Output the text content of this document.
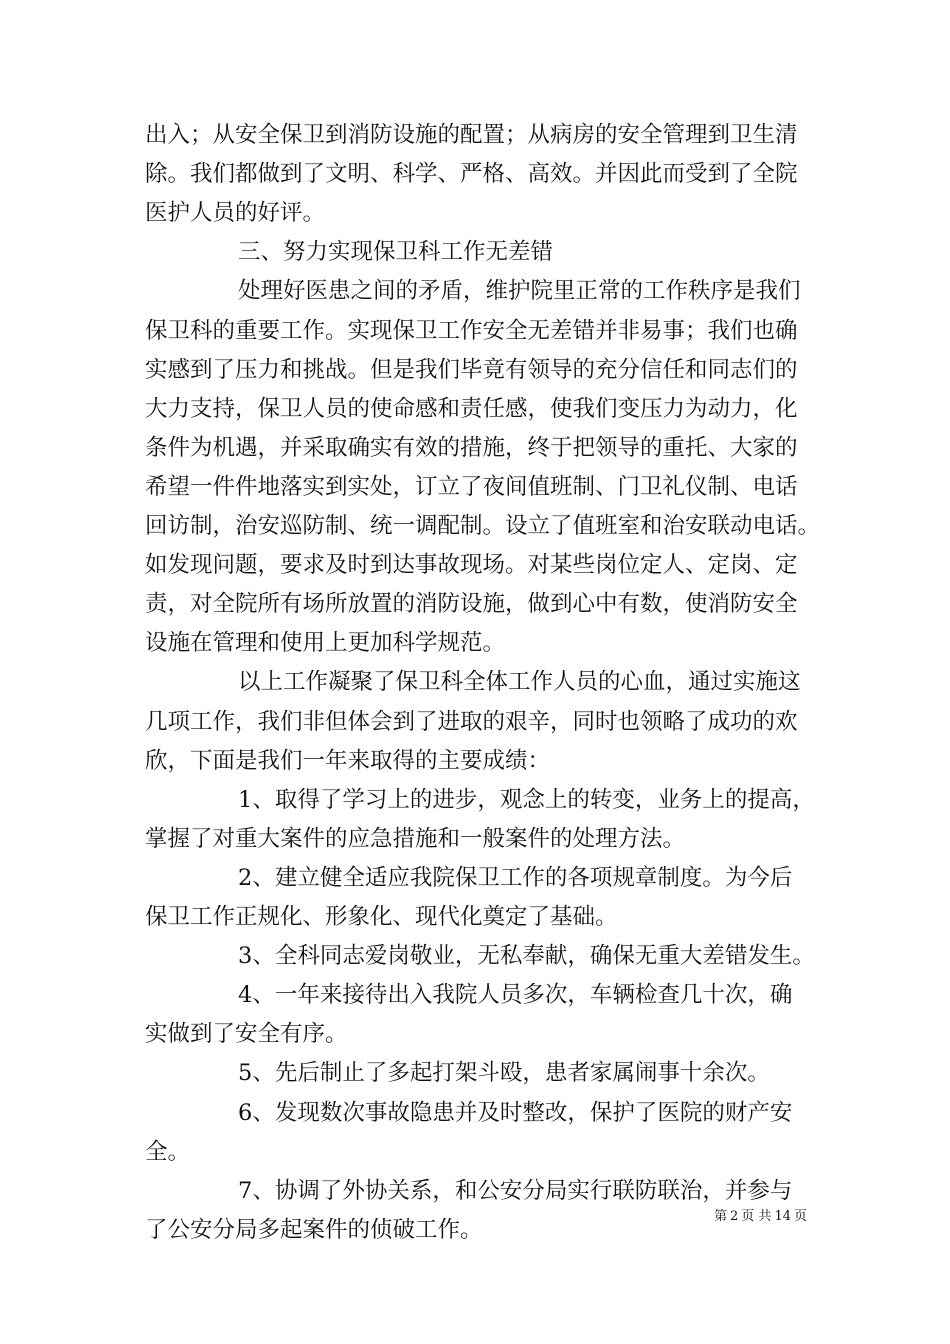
出入；从安全保卫到消防设施的配置；从病房的安全管理到卫生清
除。我们都做到了文明、科学、严格、高效。并因此而受到了全院
医护人员的好评。
三、努力实现保卫科工作无差错
处理好医患之间的矛盾，维护院里正常的工作秩序是我们
保卫科的重要工作。实现保卫工作安全无差错并非易事；我们也确
实感到了压力和挑战。但是我们毕竟有领导的充分信任和同志们的
大力支持，保卫人员的使命感和责任感，使我们变压力为动力，化
条件为机遇，并采取确实有效的措施，终于把领导的重托、大家的
希望一件件地落实到实处，订立了夜间值班制、门卫礼仪制、电话
回访制，治安巡防制、统一调配制。设立了值班室和治安联动电话。
如发现问题，要求及时到达事故现场。对某些岗位定人、定岗、定
责，对全院所有场所放置的消防设施，做到心中有数，使消防安全
设施在管理和使用上更加科学规范。
以上工作凝聚了保卫科全体工作人员的心血，通过实施这
几项工作，我们非但体会到了进取的艰辛，同时也领略了成功的欢
欣，下面是我们一年来取得的主要成绩：
1、取得了学习上的进步，观念上的转变，业务上的提高，
掌握了对重大案件的应急措施和一般案件的处理方法。
2、建立健全适应我院保卫工作的各项规章制度。为今后
保卫工作正规化、形象化、现代化奠定了基础。
3、全科同志爱岗敬业，无私奉献，确保无重大差错发生。
4、一年来接待出入我院人员多次，车辆检查几十次，确
实做到了安全有序。
5、先后制止了多起打架斗殴，患者家属闹事十余次。
6、发现数次事故隐患并及时整改，保护了医院的财产安
全。
7、协调了外协关系，和公安分局实行联防联治，并参与
了公安分局多起案件的侦破工作。
第 2 页 共 14 页
